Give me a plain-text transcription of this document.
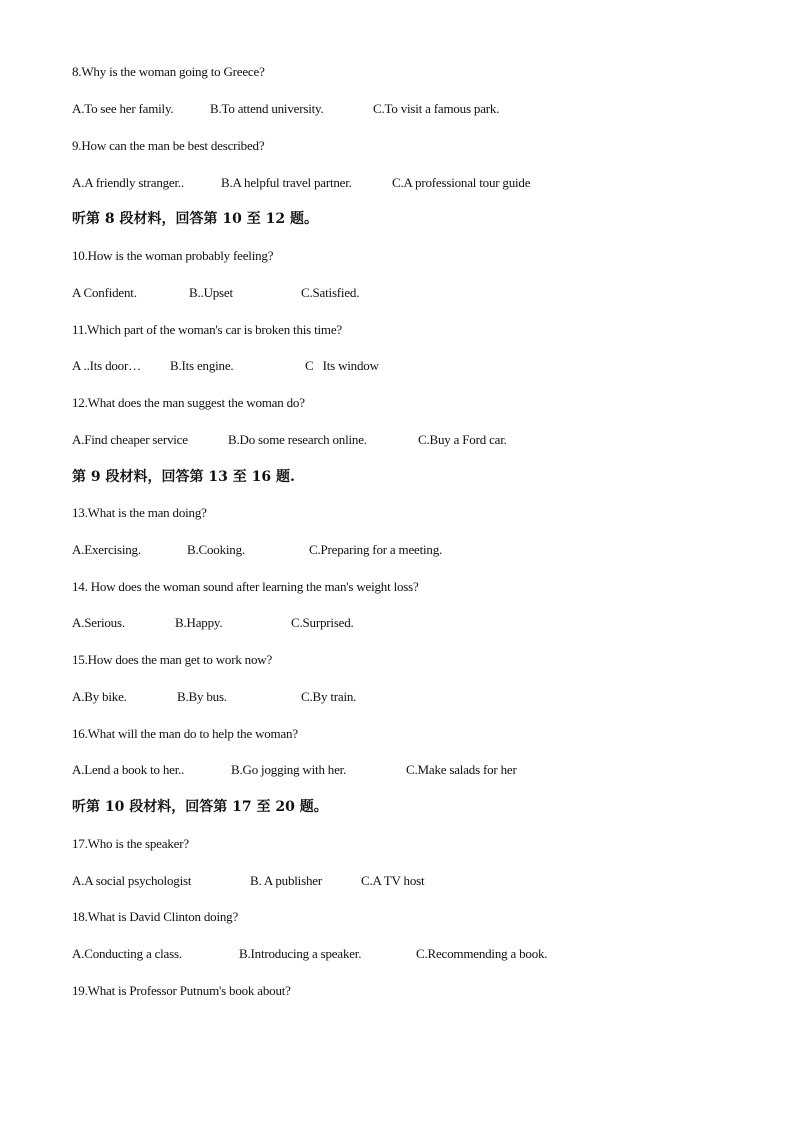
8.Why is the woman going to Greece?
A.To see her family.	B.To attend university.	C.To visit a famous park.
9.How can the man be best described?
A.A friendly stranger..	B.A helpful travel partner.	C.A professional tour guide
听第 8 段材料，回答第 10 至 12 题。
10.How is the woman probably feeling?
A Confident.	B..Upset	C.Satisfied.
11.Which part of the woman's car is broken this time?
A ..Its door… B.Its engine.	C   Its window
12.What does the man suggest the woman do?
A.Find cheaper service	B.Do some research online.	C.Buy a Ford car.
第 9 段材料，回答第 13 至 16 题.
13.What is the man doing?
A.Exercising.	B.Cooking.	C.Preparing for a meeting.
14. How does the woman sound after learning the man's weight loss?
A.Serious.	B.Happy.	C.Surprised.
15.How does the man get to work now?
A.By bike.	B.By bus.	C.By train.
16.What will the man do to help the woman?
A.Lend a book to her..	B.Go jogging with her.	C.Make salads for her
听第 10 段材料，回答第 17 至 20 题。
17.Who is the speaker?
A.A social psychologist	B. A publisher	C.A TV host
18.What is David Clinton doing?
A.Conducting a class.	B.Introducing a speaker.	C.Recommending a book.
19.What is Professor Putnum's book about?
